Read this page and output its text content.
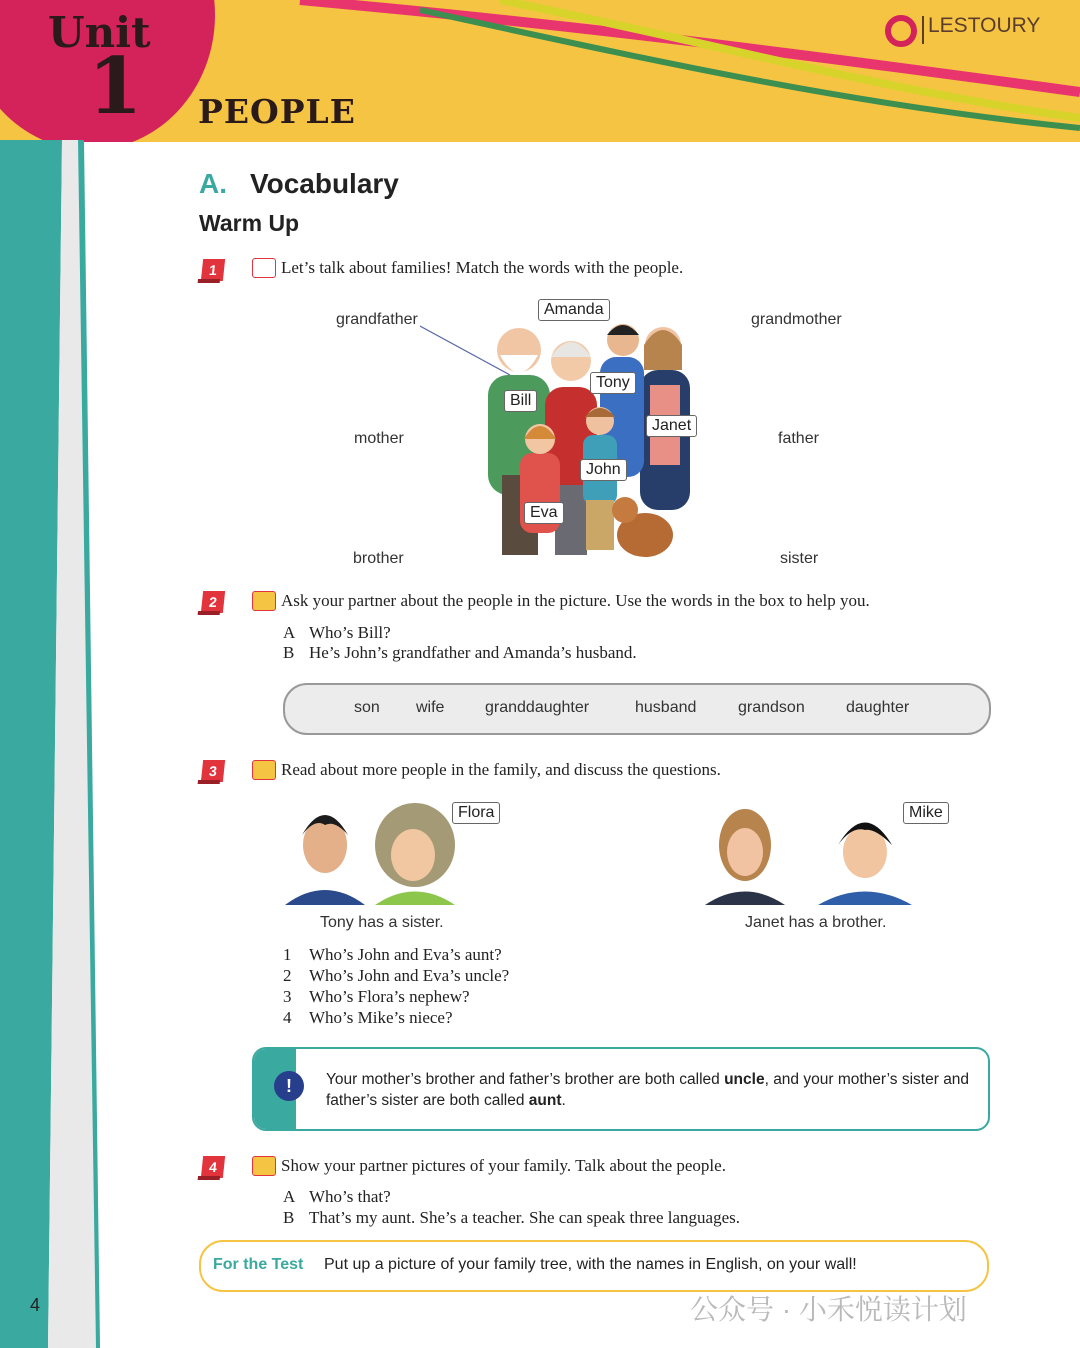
Unit
1 PEOPLE
LESTOURY
A. Vocabulary
Warm Up
1	Let’s talk about families! Match the words with the people.
grandfather	grandmother
mother	father
brother	sister
Amanda
Tony
Bill
Janet
John
Eva
2	Ask your partner about the people in the picture. Use the words in the box to help you.
A Who’s Bill?
B He’s John’s grandfather and Amanda’s husband.
son wife	granddaughter	husband	grandson	daughter
3	Read about more people in the family, and discuss the questions.
Flora	Mike
Tony has a sister.	Janet has a brother.
1 Who’s John and Eva’s aunt?
2 Who’s John and Eva’s uncle?
3 Who’s Flora’s nephew?
4 Who’s Mike’s niece?
!	Your mother’s brother and father’s brother are both called uncle, and your mother’s sister and father’s sister are both called aunt.
4	Show your partner pictures of your family. Talk about the people.
A Who’s that?
B That’s my aunt. She’s a teacher. She can speak three languages.
For the Test Put up a picture of your family tree, with the names in English, on your wall!
4	公众号 · 小禾悦读计划
